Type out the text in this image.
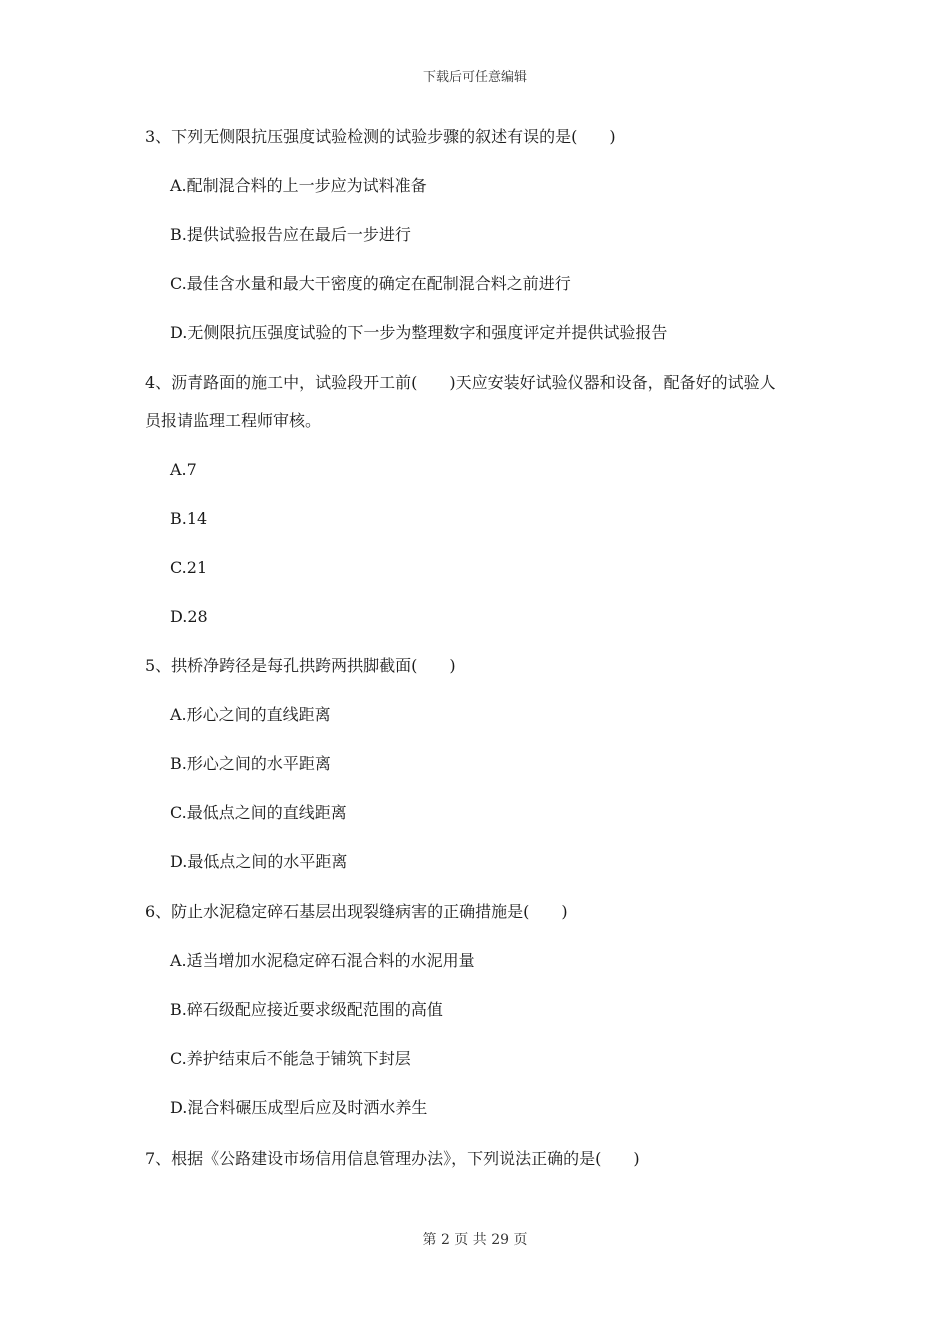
下载后可任意编辑
3、下列无侧限抗压强度试验检测的试验步骤的叙述有误的是(　　)
A.配制混合料的上一步应为试料准备
B.提供试验报告应在最后一步进行
C.最佳含水量和最大干密度的确定在配制混合料之前进行
D.无侧限抗压强度试验的下一步为整理数字和强度评定并提供试验报告
4、沥青路面的施工中，试验段开工前(　　)天应安装好试验仪器和设备，配备好的试验人
员报请监理工程师审核。
A.7
B.14
C.21
D.28
5、拱桥净跨径是每孔拱跨两拱脚截面(　　)
A.形心之间的直线距离
B.形心之间的水平距离
C.最低点之间的直线距离
D.最低点之间的水平距离
6、防止水泥稳定碎石基层出现裂缝病害的正确措施是(　　)
A.适当增加水泥稳定碎石混合料的水泥用量
B.碎石级配应接近要求级配范围的高值
C.养护结束后不能急于铺筑下封层
D.混合料碾压成型后应及时洒水养生
7、根据《公路建设市场信用信息管理办法》，下列说法正确的是(　　)
第 2 页 共 29 页
